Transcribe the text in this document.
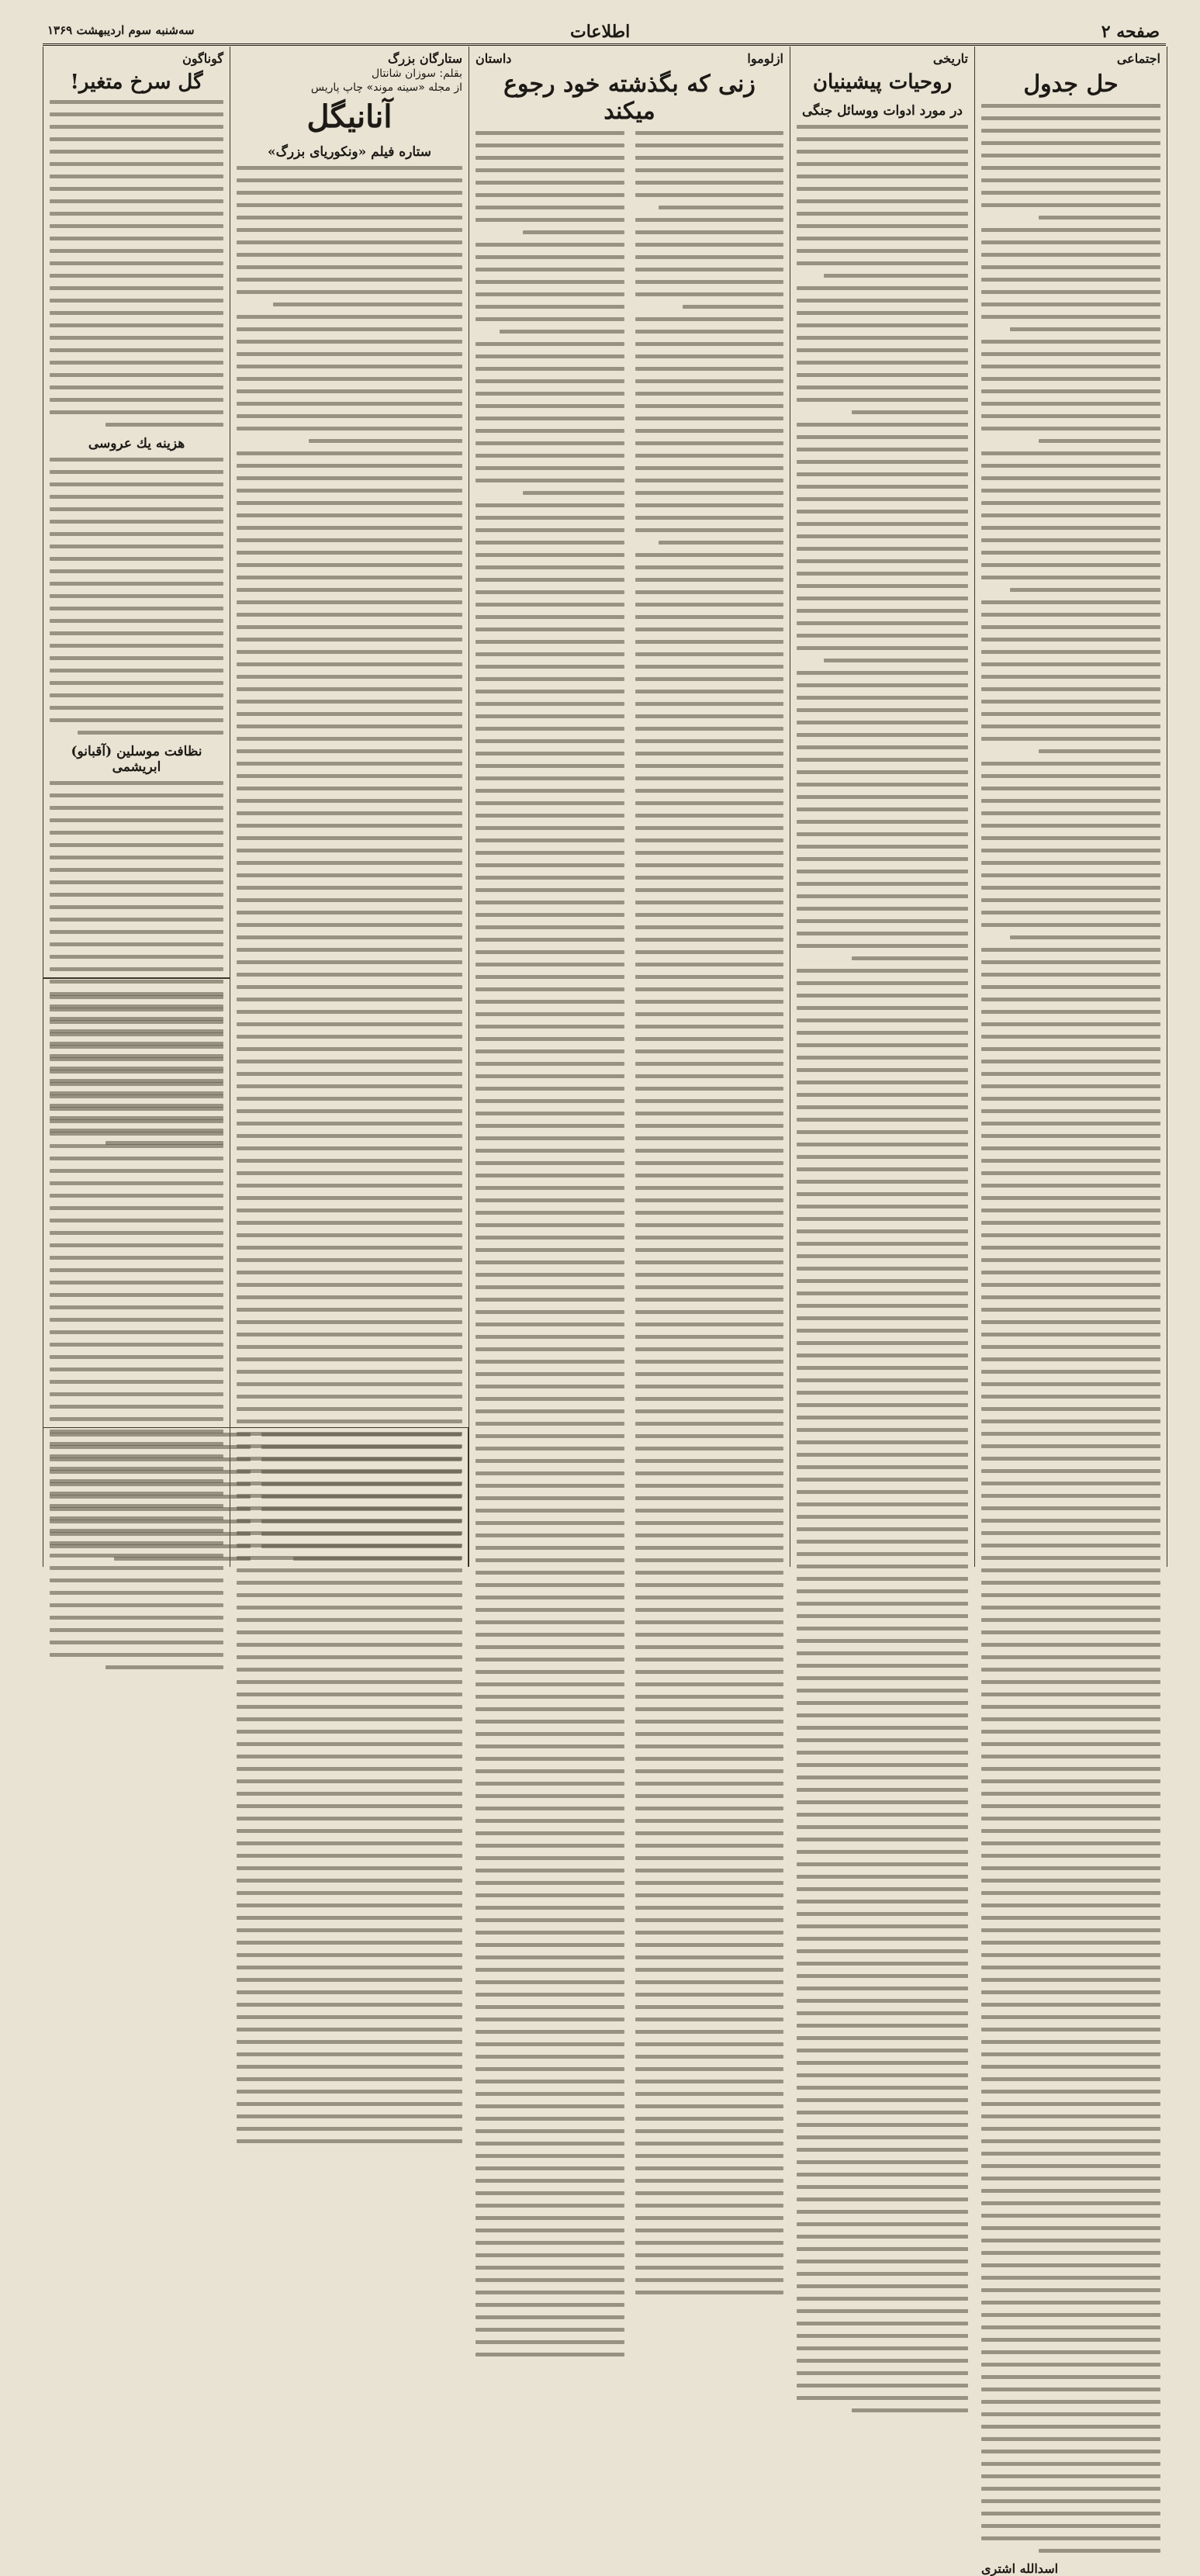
صفحه ۲
اطلاعات
سه‌شنبه سوم اردیبهشت ۱۳۶۹
اجتماعی
حل جدول
اسدالله اشتری
تاریخی
روحیات پیشینیان
در مورد ادوات ووسائل جنگی
ازلوموا
داستان
زنی که بگذشته خود رجوع میکند
ستارگان بزرگ
بقلم: سوزان شانتال
از مجله «سینه موند» چاپ پاریس
آنانیگل
ستاره فیلم «ونکوریای بزرگ»
گوناگون
گل سرخ متغیر!
هزینه یك عروسی
نظافت موسلین (آقبانو) ابریشمی
